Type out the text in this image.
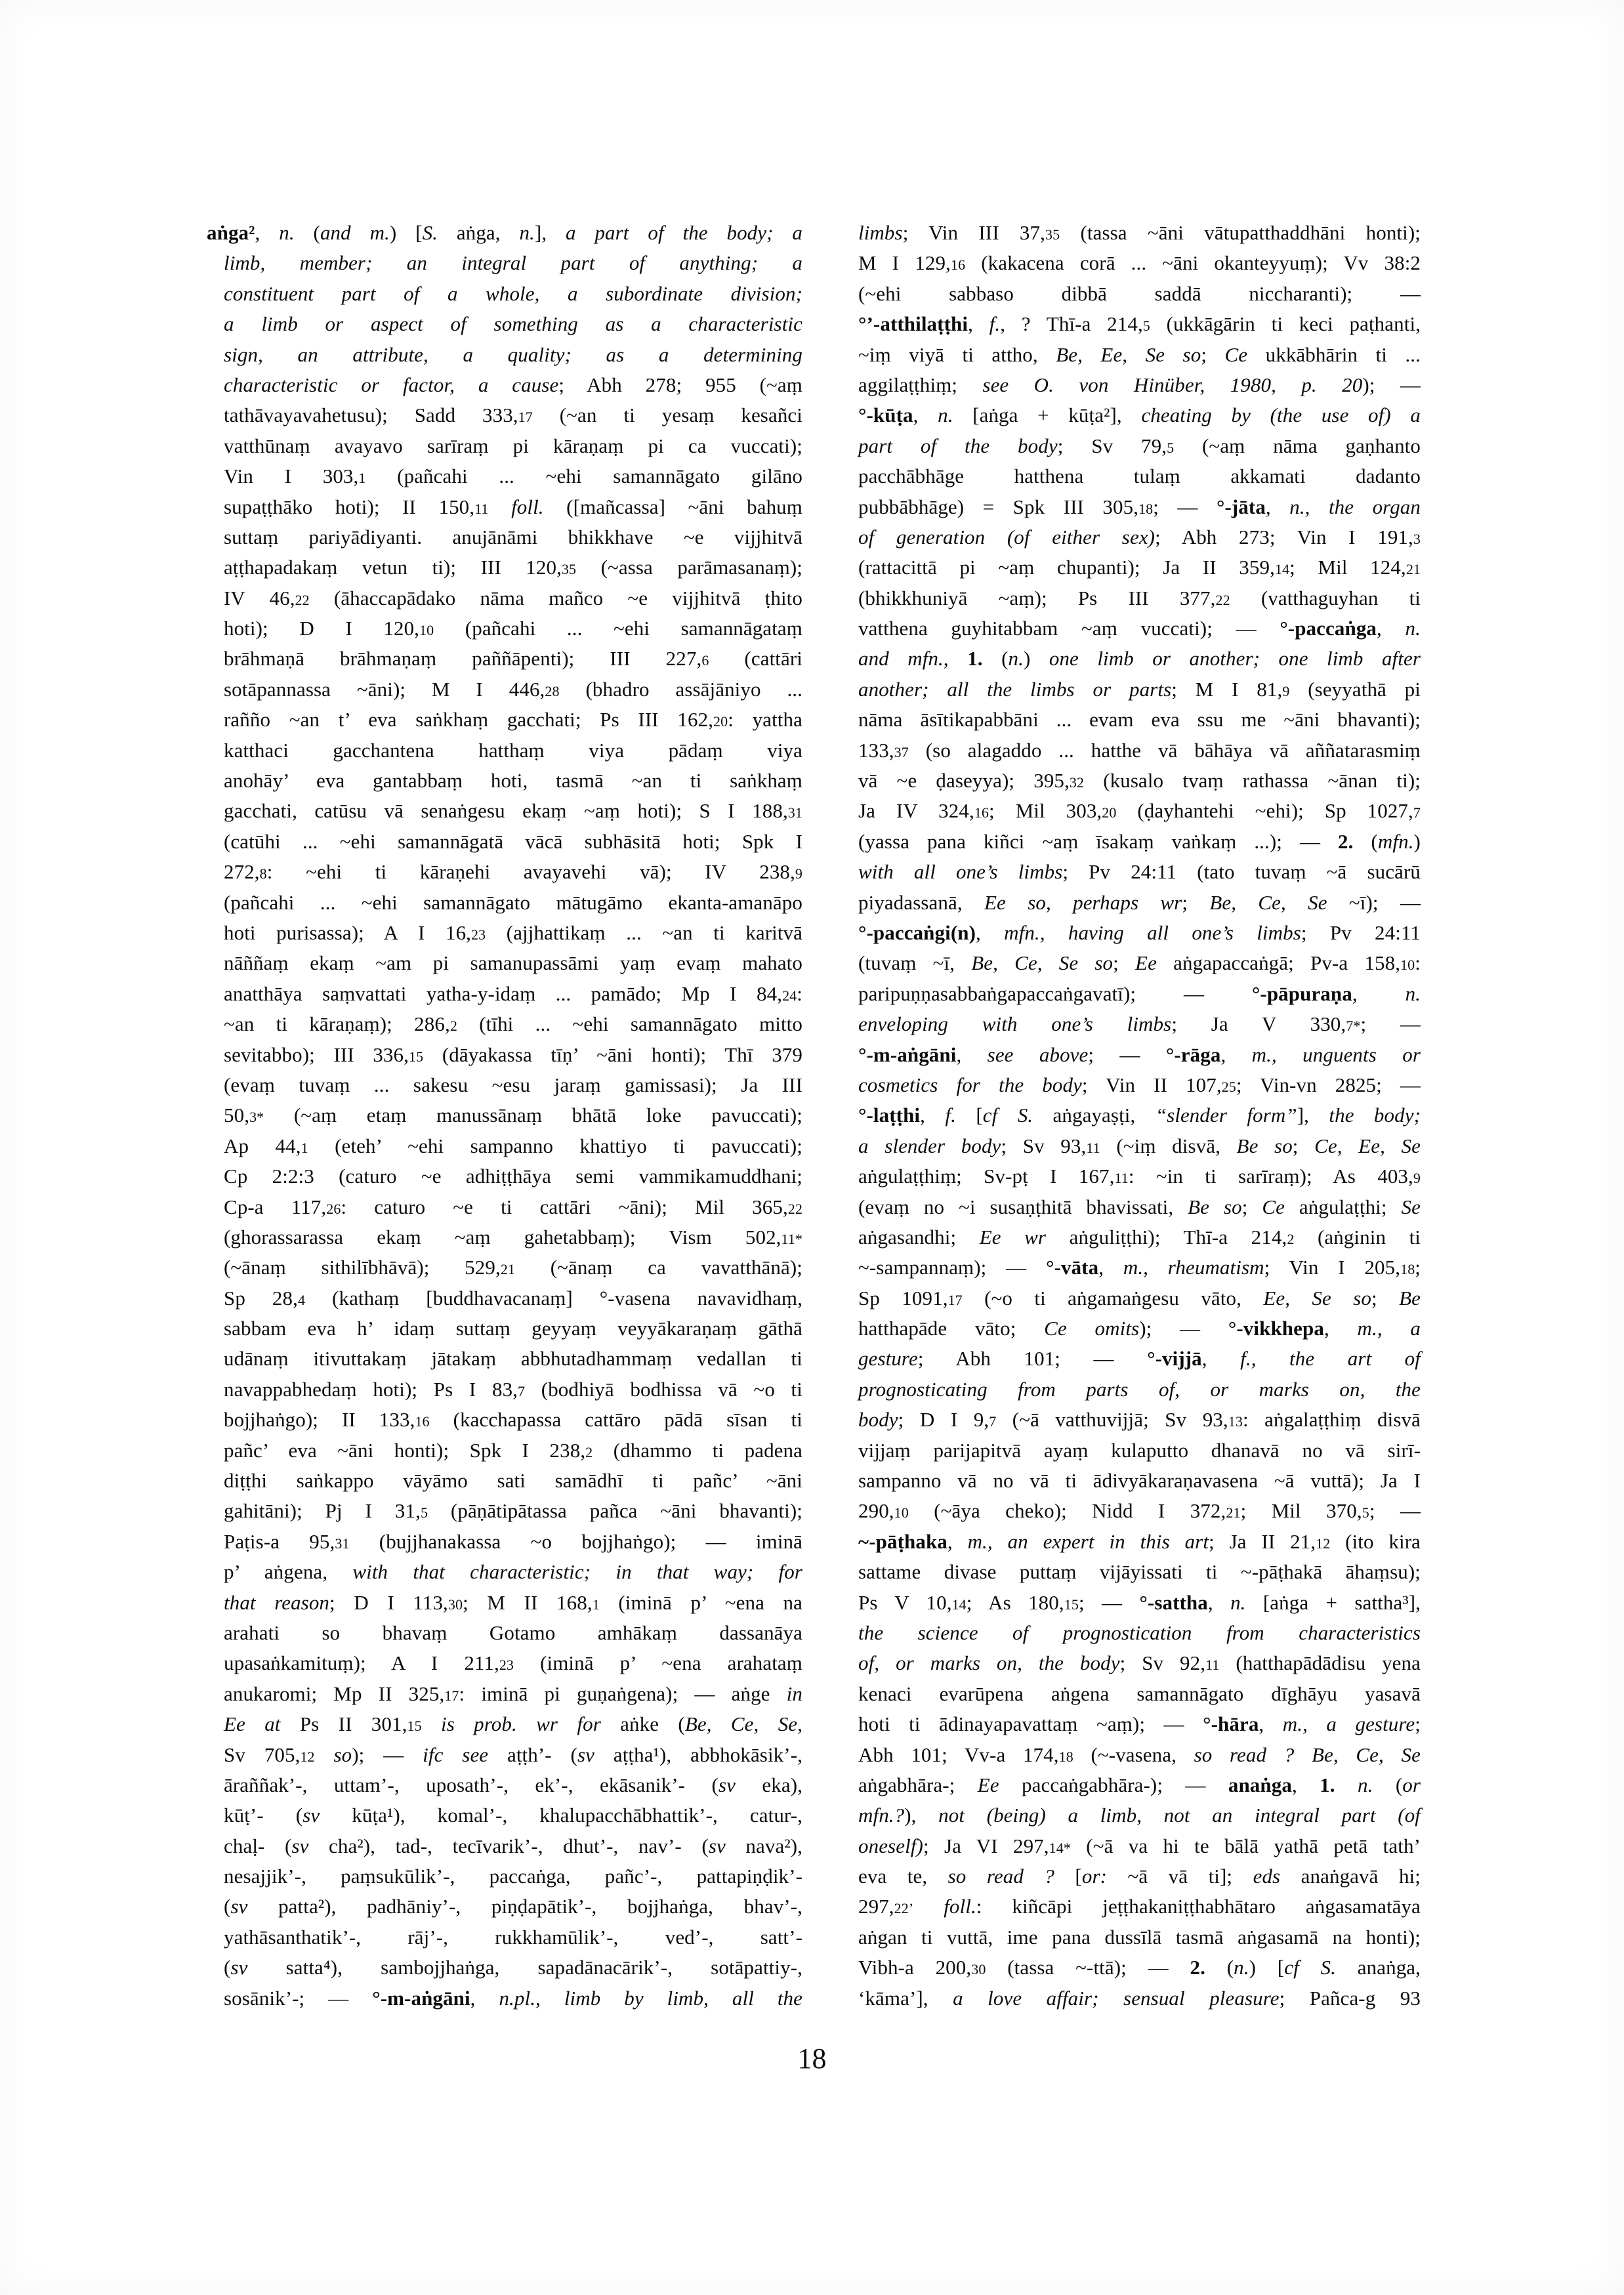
aṅga², n. (and m.) [S. aṅga, n.], a part of the body; a
limb, member; an integral part of anything; a
constituent part of a whole, a subordinate division;
a limb or aspect of something as a characteristic
sign, an attribute, a quality; as a determining
characteristic or factor, a cause; Abh 278; 955 (~aṃ
tathāvayavahetusu); Sadd 333,17 (~an ti yesaṃ kesañci
vatthūnaṃ avayavo sarīraṃ pi kāraṇaṃ pi ca vuccati);
Vin I 303,1 (pañcahi ... ~ehi samannāgato gilāno
supaṭṭhāko hoti); II 150,11 foll. ([mañcassa] ~āni bahuṃ
suttaṃ pariyādiyanti. anujānāmi bhikkhave ~e vijjhitvā
aṭṭhapadakaṃ vetun ti); III 120,35 (~assa parāmasanaṃ);
IV 46,22 (āhaccapādako nāma mañco ~e vijjhitvā ṭhito
hoti); D I 120,10 (pañcahi ... ~ehi samannāgataṃ
brāhmaṇā brāhmaṇaṃ paññāpenti); III 227,6 (cattāri
sotāpannassa ~āni); M I 446,28 (bhadro assājāniyo ...
rañño ~an t’ eva saṅkhaṃ gacchati; Ps III 162,20: yattha
katthaci gacchantena hatthaṃ viya pādaṃ viya
anohāy’ eva gantabbaṃ hoti, tasmā ~an ti saṅkhaṃ
gacchati, catūsu vā senaṅgesu ekaṃ ~aṃ hoti); S I 188,31
(catūhi ... ~ehi samannāgatā vācā subhāsitā hoti; Spk I
272,8: ~ehi ti kāraṇehi avayavehi vā); IV 238,9
(pañcahi ... ~ehi samannāgato mātugāmo ekanta-amanāpo
hoti purisassa); A I 16,23 (ajjhattikaṃ ... ~an ti karitvā
nāññaṃ ekaṃ ~am pi samanupassāmi yaṃ evaṃ mahato
anatthāya saṃvattati yatha-y-idaṃ ... pamādo; Mp I 84,24:
~an ti kāraṇaṃ); 286,2 (tīhi ... ~ehi samannāgato mitto
sevitabbo); III 336,15 (dāyakassa tīṇ’ ~āni honti); Thī 379
(evaṃ tuvaṃ ... sakesu ~esu jaraṃ gamissasi); Ja III
50,3* (~aṃ etaṃ manussānaṃ bhātā loke pavuccati);
Ap 44,1 (eteh’ ~ehi sampanno khattiyo ti pavuccati);
Cp 2:2:3 (caturo ~e adhiṭṭhāya semi vammikamuddhani;
Cp-a 117,26: caturo ~e ti cattāri ~āni); Mil 365,22
(ghorassarassa ekaṃ ~aṃ gahetabbaṃ); Vism 502,11*
(~ānaṃ sithilībhāvā); 529,21 (~ānaṃ ca vavatthānā);
Sp 28,4 (kathaṃ [buddhavacanaṃ] °-vasena navavidhaṃ,
sabbam eva h’ idaṃ suttaṃ geyyaṃ veyyākaraṇaṃ gāthā
udānaṃ itivuttakaṃ jātakaṃ abbhutadhammaṃ vedallan ti
navappabhedaṃ hoti); Ps I 83,7 (bodhiyā bodhissa vā ~o ti
bojjhaṅgo); II 133,16 (kacchapassa cattāro pādā sīsan ti
pañc’ eva ~āni honti); Spk I 238,2 (dhammo ti padena
diṭṭhi saṅkappo vāyāmo sati samādhī ti pañc’ ~āni
gahitāni); Pj I 31,5 (pāṇātipātassa pañca ~āni bhavanti);
Paṭis-a 95,31 (bujjhanakassa ~o bojjhaṅgo); — iminā
p’ aṅgena, with that characteristic; in that way; for
that reason; D I 113,30; M II 168,1 (iminā p’ ~ena na
arahati so bhavaṃ Gotamo amhākaṃ dassanāya
upasaṅkamituṃ); A I 211,23 (iminā p’ ~ena arahataṃ
anukaromi; Mp II 325,17: iminā pi guṇaṅgena); — aṅge in
Ee at Ps II 301,15 is prob. wr for aṅke (Be, Ce, Se,
Sv 705,12 so); — ifc see aṭṭh’- (sv aṭṭha¹), abbhokāsik’-,
āraññak’-, uttam’-, uposath’-, ek’-, ekāsanik’- (sv eka),
kūṭ’- (sv kūṭa¹), komal’-, khalupacchābhattik’-, catur-,
chaḷ- (sv cha²), tad-, tecīvarik’-, dhut’-, nav’- (sv nava²),
nesajjik’-, paṃsukūlik’-, paccaṅga, pañc’-, pattapiṇḍik’-
(sv patta²), padhāniy’-, piṇḍapātik’-, bojjhaṅga, bhav’-,
yathāsanthatik’-, rāj’-, rukkhamūlik’-, ved’-, satt’-
(sv satta⁴), sambojjhaṅga, sapadānacārik’-, sotāpattiy-,
sosānik’-; — °-m-aṅgāni, n.pl., limb by limb, all the
limbs; Vin III 37,35 (tassa ~āni vātupatthaddhāni honti);
M I 129,16 (kakacena corā ... ~āni okanteyyuṃ); Vv 38:2
(~ehi sabbaso dibbā saddā niccharanti); —
°’-atthilaṭṭhi, f., ? Thī-a 214,5 (ukkāgārin ti keci paṭhanti,
~iṃ viyā ti attho, Be, Ee, Se so; Ce ukkābhārin ti ...
aggilaṭṭhiṃ; see O. von Hinüber, 1980, p. 20); —
°-kūṭa, n. [aṅga + kūṭa²], cheating by (the use of) a
part of the body; Sv 79,5 (~aṃ nāma gaṇhanto
pacchābhāge hatthena tulaṃ akkamati dadanto
pubbābhāge) = Spk III 305,18; — °-jāta, n., the organ
of generation (of either sex); Abh 273; Vin I 191,3
(rattacittā pi ~aṃ chupanti); Ja II 359,14; Mil 124,21
(bhikkhuniyā ~aṃ); Ps III 377,22 (vatthaguyhan ti
vatthena guyhitabbam ~aṃ vuccati); — °-paccaṅga, n.
and mfn., 1. (n.) one limb or another; one limb after
another; all the limbs or parts; M I 81,9 (seyyathā pi
nāma āsītikapabbāni ... evam eva ssu me ~āni bhavanti);
133,37 (so alagaddo ... hatthe vā bāhāya vā aññatarasmiṃ
vā ~e ḍaseyya); 395,32 (kusalo tvaṃ rathassa ~ānan ti);
Ja IV 324,16; Mil 303,20 (ḍayhantehi ~ehi); Sp 1027,7
(yassa pana kiñci ~aṃ īsakaṃ vaṅkaṃ ...); — 2. (mfn.)
with all one’s limbs; Pv 24:11 (tato tuvaṃ ~ā sucārū
piyadassanā, Ee so, perhaps wr; Be, Ce, Se ~ī); —
°-paccaṅgi(n), mfn., having all one’s limbs; Pv 24:11
(tuvaṃ ~ī, Be, Ce, Se so; Ee aṅgapaccaṅgā; Pv-a 158,10:
paripuṇṇasabbaṅgapaccaṅgavatī); — °-pāpuraṇa, n.
enveloping with one’s limbs; Ja V 330,7*; —
°-m-aṅgāni, see above; — °-rāga, m., unguents or
cosmetics for the body; Vin II 107,25; Vin-vn 2825; —
°-laṭṭhi, f. [cf S. aṅgayaṣṭi, “slender form”], the body;
a slender body; Sv 93,11 (~iṃ disvā, Be so; Ce, Ee, Se
aṅgulaṭṭhiṃ; Sv-pṭ I 167,11: ~in ti sarīraṃ); As 403,9
(evaṃ no ~i susaṇṭhitā bhavissati, Be so; Ce aṅgulaṭṭhi; Se
aṅgasandhi; Ee wr aṅguliṭṭhi); Thī-a 214,2 (aṅginin ti
~-sampannaṃ); — °-vāta, m., rheumatism; Vin I 205,18;
Sp 1091,17 (~o ti aṅgamaṅgesu vāto, Ee, Se so; Be
hatthapāde vāto; Ce omits); — °-vikkhepa, m., a
gesture; Abh 101; — °-vijjā, f., the art of
prognosticating from parts of, or marks on, the
body; D I 9,7 (~ā vatthuvijjā; Sv 93,13: aṅgalaṭṭhiṃ disvā
vijjaṃ parijapitvā ayaṃ kulaputto dhanavā no vā sirī-
sampanno vā no vā ti ādivyākaraṇavasena ~ā vuttā); Ja I
290,10 (~āya cheko); Nidd I 372,21; Mil 370,5; —
~-pāṭhaka, m., an expert in this art; Ja II 21,12 (ito kira
sattame divase puttaṃ vijāyissati ti ~-pāṭhakā āhaṃsu);
Ps V 10,14; As 180,15; — °-sattha, n. [aṅga + sattha³],
the science of prognostication from characteristics
of, or marks on, the body; Sv 92,11 (hatthapādādisu yena
kenaci evarūpena aṅgena samannāgato dīghāyu yasavā
hoti ti ādinayapavattaṃ ~aṃ); — °-hāra, m., a gesture;
Abh 101; Vv-a 174,18 (~-vasena, so read ? Be, Ce, Se
aṅgabhāra-; Ee paccaṅgabhāra-); — anaṅga, 1. n. (or
mfn.?), not (being) a limb, not an integral part (of
oneself); Ja VI 297,14* (~ā va hi te bālā yathā petā tath’
eva te, so read ? [or: ~ā vā ti]; eds anaṅgavā hi;
297,22’ foll.: kiñcāpi jeṭṭhakaniṭṭhabhātaro aṅgasamatāya
aṅgan ti vuttā, ime pana dussīlā tasmā aṅgasamā na honti);
Vibh-a 200,30 (tassa ~-ttā); — 2. (n.) [cf S. anaṅga,
‘kāma’], a love affair; sensual pleasure; Pañca-g 93
18
